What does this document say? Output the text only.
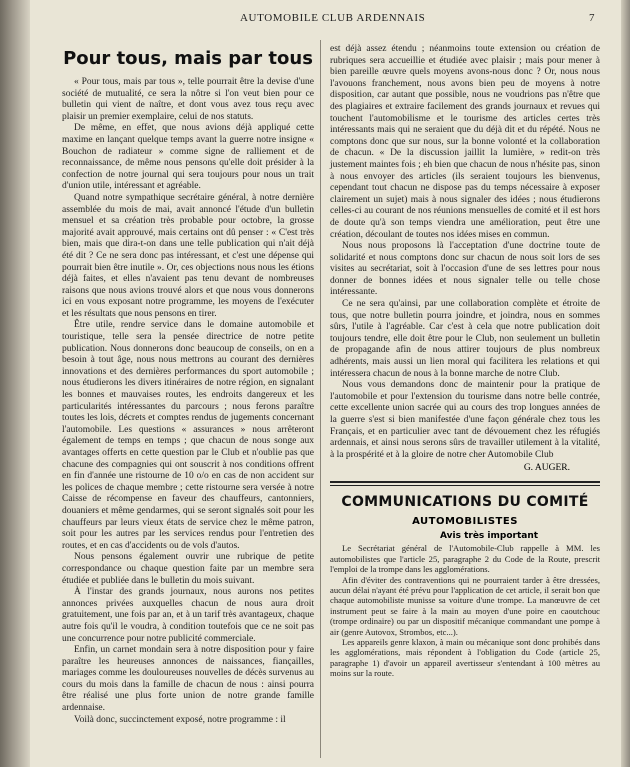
AUTOMOBILE CLUB ARDENNAIS	7
Pour tous, mais par tous

« Pour tous, mais par tous », telle pourrait être la devise d'une société de mutualité, ce sera la nôtre si l'on veut bien pour ce bulletin qui vient de naître, et dont vous avez tous reçu avec plaisir un premier exemplaire, celui de nos statuts.

De même, en effet, que nous avions déjà appliqué cette maxime en lançant quelque temps avant la guerre notre insigne « Bouchon de radiateur » comme signe de ralliement et de reconnaissance, de même nous pensons qu'elle doit présider à la confection de notre journal qui sera toujours pour nous un trait d'union utile, intéressant et agréable.

Quand notre sympathique secrétaire général, à notre dernière assemblée du mois de mai, avait annoncé l'étude d'un bulletin mensuel et sa création très probable pour octobre, la grosse majorité avait approuvé, mais certains ont dû penser : « C'est très bien, mais que dira-t-on dans une telle publication qui n'ait déjà été dit ? Ce ne sera donc pas intéressant, et c'est une dépense qui pourrait bien être inutile ». Or, ces objections nous nous les étions déjà faites, et elles n'avaient pas tenu devant de nombreuses raisons que nous avions trouvé alors et que nous vous donnerons ici en vous exposant notre programme, les moyens de l'exécuter et les résultats que nous pensons en tirer.

Être utile, rendre service dans le domaine automobile et touristique, telle sera la pensée directrice de notre petite publication. Nous donnerons donc beaucoup de conseils, on en a besoin à tout âge, nous nous mettrons au courant des dernières innovations et des dernières performances du sport automobile ; nous étudierons les divers itinéraires de notre région, en signalant les bonnes et mauvaises routes, les endroits dangereux et les particularités intéressantes du parcours ; nous ferons paraître toutes les lois, décrets et comptes rendus de jugements concernant l'automobile. Les questions « assurances » nous arrêteront également de temps en temps ; que chacun de nous songe aux avantages offerts en cette question par le Club et n'oublie pas que chacune des compagnies qui ont souscrit à nos conditions offrent en fin d'année une ristourne de 10 o/o en cas de non accident sur les polices de chaque membre ; cette ristourne sera versée à notre Caisse de récompense en faveur des chauffeurs, cantonniers, douaniers et même gendarmes, qui se seront signalés soit pour les chauffeurs par leurs vieux états de service chez le même patron, soit pour les autres par les services rendus pour l'entretien des routes, et en cas d'accidents ou de vols d'autos.

Nous pensons également ouvrir une rubrique de petite correspondance ou chaque question faite par un membre sera étudiée et publiée dans le bulletin du mois suivant.

À l'instar des grands journaux, nous aurons nos petites annonces privées auxquelles chacun de nous aura droit gratuitement, une fois par an, et à un tarif très avantageux, chaque autre fois qu'il le voudra, à condition toutefois que ce ne soit pas une concurrence pour notre publicité commerciale.

Enfin, un carnet mondain sera à notre disposition pour y faire paraître les heureuses annonces de naissances, fiançailles, mariages comme les douloureuses nouvelles de décès survenus au cours du mois dans la famille de chacun de nous : ainsi pourra être réalisé une plus forte union de notre grande famille ardennaise.

Voilà donc, succinctement exposé, notre programme : il

est déjà assez étendu ; néanmoins toute extension ou création de rubriques sera accueillie et étudiée avec plaisir ; mais pour mener à bien pareille œuvre quels moyens avons-nous donc ? Or, nous nous l'avouons franchement, nous avons bien peu de moyens à notre disposition, car autant que possible, nous ne voudrions pas n'être que des plagiaires et extraire facilement des grands journaux et revues qui touchent l'automobilisme et le tourisme des articles certes très intéressants mais qui ne seraient que du déjà dit et du répété. Nous ne comptons donc que sur nous, sur la bonne volonté et la collaboration de chacun. « De la discussion jaillit la lumière, » redit-on très justement maintes fois ; eh bien que chacun de nous n'hésite pas, sinon à nous envoyer des articles (ils seraient toujours les bienvenus, cependant tout chacun ne dispose pas du temps nécessaire à exposer clairement un sujet) mais à nous signaler des idées ; nous étudierons celles-ci au courant de nos réunions mensuelles de comité et il est hors de doute qu'à son temps viendra une amélioration, peut être une création, découlant de toutes nos idées mises en commun.

Nous nous proposons là l'acceptation d'une doctrine toute de solidarité et nous comptons donc sur chacun de nous soit lors de ses visites au secrétariat, soit à l'occasion d'une de ses lettres pour nous donner de bonnes idées et nous signaler telle ou telle chose intéressante.

Ce ne sera qu'ainsi, par une collaboration complète et étroite de tous, que notre bulletin pourra joindre, et joindra, nous en sommes sûrs, l'utile à l'agréable. Car c'est à cela que notre publication doit toujours tendre, elle doit être pour le Club, non seulement un bulletin de propagande afin de nous attirer toujours de plus nombreux adhérents, mais aussi un lien moral qui facilitera les relations et qui intéressera chacun de nous à la bonne marche de notre Club.

Nous vous demandons donc de maintenir pour la pratique de l'automobile et pour l'extension du tourisme dans notre belle contrée, cette excellente union sacrée qui au cours des trop longues années de la guerre s'est si bien manifestée d'une façon générale chez tous les Français, et en particulier avec tant de dévouement chez les réfugiés ardennais, et ainsi nous serons sûrs de travailler utilement à la vitalité, à la prospérité et à la gloire de notre cher Automobile Club

G. AUGER.
COMMUNICATIONS DU COMITÉ
AUTOMOBILISTES
Avis très important

Le Secrétariat général de l'Automobile-Club rappelle à MM. les automobilistes que l'article 25, paragraphe 2 du Code de la Route, prescrit l'emploi de la trompe dans les agglomérations.

Afin d'éviter des contraventions qui ne pourraient tarder à être dressées, aucun délai n'ayant été prévu pour l'application de cet article, il serait bon que chaque automobiliste munisse sa voiture d'une trompe. La manœuvre de cet instrument peut se faire à la main au moyen d'une poire en caoutchouc (trompe ordinaire) ou par un dispositif mécanique commandant une pompe à air (genre Autovox, Strombos, etc...).

Les appareils genre klaxon, à main ou mécanique sont donc prohibés dans les agglomérations, mais répondent à l'obligation du Code (article 25, paragraphe 1) d'avoir un appareil avertisseur s'entendant à 100 mètres au moins sur la route.
